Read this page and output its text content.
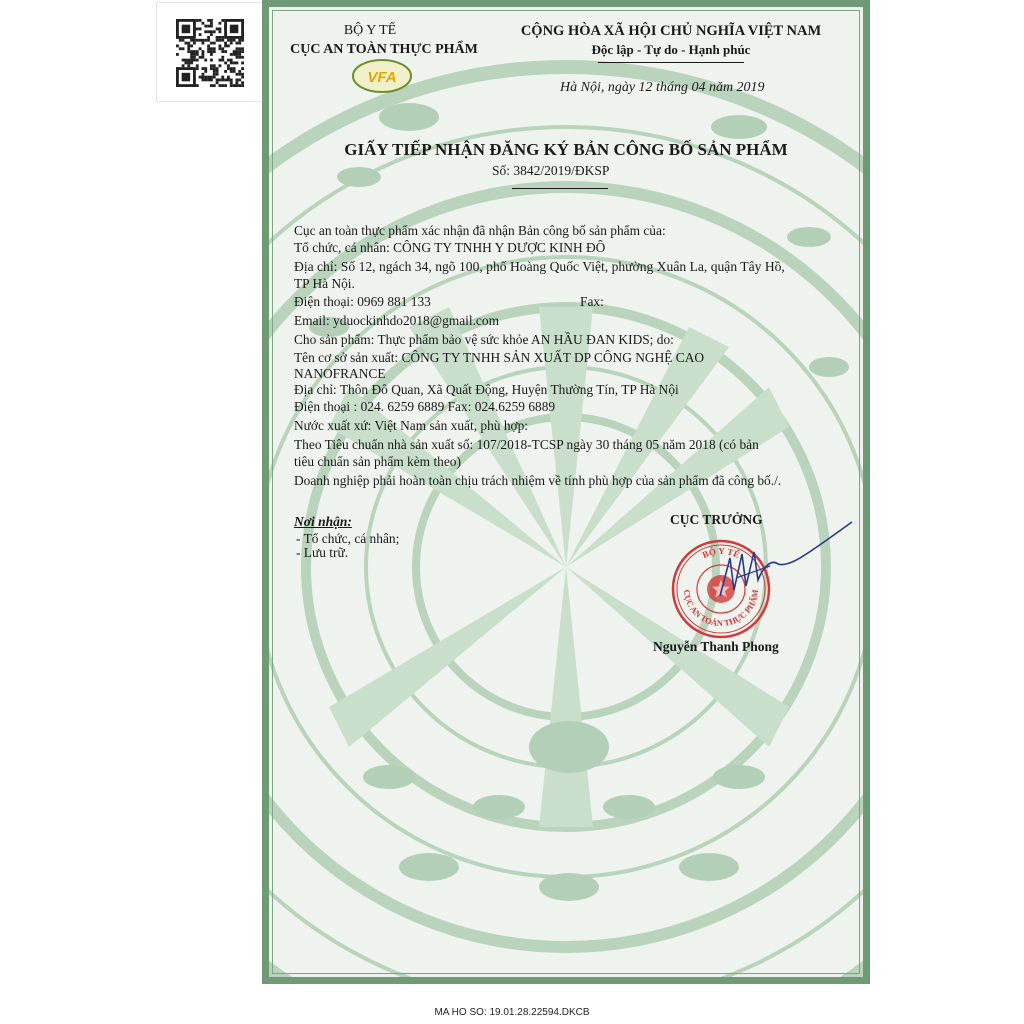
BỘ Y TẾ
CỤC AN TOÀN THỰC PHẨM
VFA
CỘNG HÒA XÃ HỘI CHỦ NGHĨA VIỆT NAM
Độc lập - Tự do - Hạnh phúc
Hà Nội, ngày 12 tháng 04 năm 2019
GIẤY TIẾP NHẬN ĐĂNG KÝ BẢN CÔNG BỐ SẢN PHẨM
Số: 3842/2019/ĐKSP
Cục an toàn thực phẩm xác nhận đã nhận Bản công bố sản phẩm của:
Tổ chức, cá nhân: CÔNG TY TNHH Y DƯỢC KINH ĐÔ
Địa chỉ: Số 12, ngách 34, ngõ 100, phố Hoàng Quốc Việt, phường Xuân La, quận Tây Hồ,
TP Hà Nội.
Điện thoại: 0969 881 133	Fax:
Email: yduockinhdo2018@gmail.com
Cho sản phẩm: Thực phẩm bảo vệ sức khỏe AN HẦU ĐAN KIDS; do:
Tên cơ sở sản xuất: CÔNG TY TNHH SẢN XUẤT DP CÔNG NGHỆ CAO
NANOFRANCE
Địa chỉ: Thôn Đô Quan, Xã Quất Động, Huyện Thường Tín, TP Hà Nội
Điện thoại : 024. 6259 6889 Fax: 024.6259 6889
Nước xuất xứ: Việt Nam sản xuất, phù hợp:
Theo Tiêu chuẩn nhà sản xuất số: 107/2018-TCSP ngày 30 tháng 05 năm 2018 (có bản
tiêu chuẩn sản phẩm kèm theo)
Doanh nghiệp phải hoàn toàn chịu trách nhiệm về tính phù hợp của sản phẩm đã công bố./.
Nơi nhận:
- Tổ chức, cá nhân;
- Lưu trữ.
CỤC TRƯỞNG
BỘ Y TẾ
CỤC AN TOÀN THỰC PHẨM
Nguyễn Thanh Phong
MA HO SO: 19.01.28.22594.DKCB
